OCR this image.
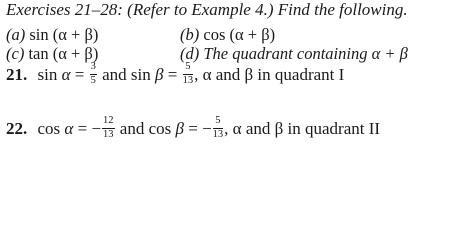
Exercises 21–28: (Refer to Example 4.) Find the following.
(a) sin (α + β)	(b) cos (α + β)
(c) tan (α + β)	(d) The quadrant containing α + β
21. $\sin \alpha = \frac{3}{5}$ and $\sin \beta = \frac{5}{13}$ , α and β in quadrant I
22. cos α = − $\frac{12}{13}$ and cos β = − $\frac{5}{13}$ , α and β in quadrant II
